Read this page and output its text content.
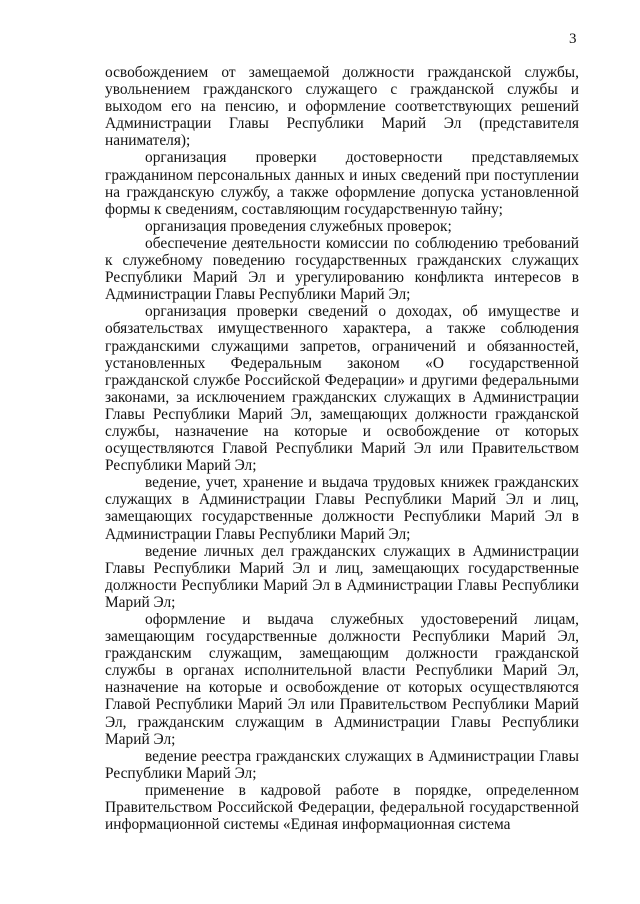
3

освобождением от замещаемой должности гражданской службы, увольнением гражданского служащего с гражданской службы и выходом его на пенсию, и оформление соответствующих решений Администрации Главы Республики Марий Эл (представителя нанимателя);

организация проверки достоверности представляемых гражданином персональных данных и иных сведений при поступлении на гражданскую службу, а также оформление допуска установленной формы к сведениям, составляющим государственную тайну;

организация проведения служебных проверок;

обеспечение деятельности комиссии по соблюдению требований к служебному поведению государственных гражданских служащих Республики Марий Эл и урегулированию конфликта интересов в Администрации Главы Республики Марий Эл;

организация проверки сведений о доходах, об имуществе и обязательствах имущественного характера, а также соблюдения гражданскими служащими запретов, ограничений и обязанностей, установленных Федеральным законом «О государственной гражданской службе Российской Федерации» и другими федеральными законами, за исключением гражданских служащих в Администрации Главы Республики Марий Эл, замещающих должности гражданской службы, назначение на которые и освобождение от которых осуществляются Главой Республики Марий Эл или Правительством Республики Марий Эл;

ведение, учет, хранение и выдача трудовых книжек гражданских служащих в Администрации Главы Республики Марий Эл и лиц, замещающих государственные должности Республики Марий Эл в Администрации Главы Республики Марий Эл;

ведение личных дел гражданских служащих в Администрации Главы Республики Марий Эл и лиц, замещающих государственные должности Республики Марий Эл в Администрации Главы Республики Марий Эл;

оформление и выдача служебных удостоверений лицам, замещающим государственные должности Республики Марий Эл, гражданским служащим, замещающим должности гражданской службы в органах исполнительной власти Республики Марий Эл, назначение на которые и освобождение от которых осуществляются Главой Республики Марий Эл или Правительством Республики Марий Эл, гражданским служащим в Администрации Главы Республики Марий Эл;

ведение реестра гражданских служащих в Администрации Главы Республики Марий Эл;

применение в кадровой работе в порядке, определенном Правительством Российской Федерации, федеральной государственной информационной системы «Единая информационная система
